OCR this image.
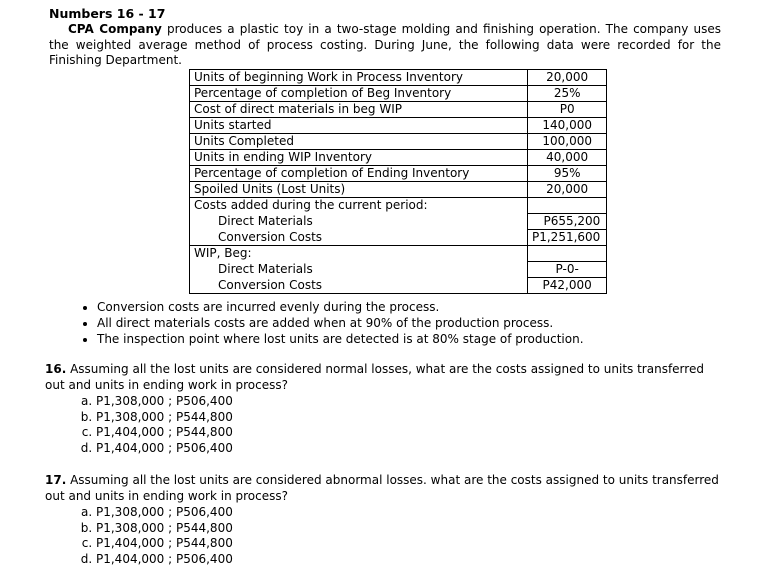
Numbers 16 - 17
CPA Company produces a plastic toy in a two-stage molding and finishing operation. The company uses the weighted average method of process costing. During June, the following data were recorded for the Finishing Department.
Units of beginning Work in Process Inventory	20,000
Percentage of completion of Beg Inventory	25%
Cost of direct materials in beg WIP	P0
Units started	140,000
Units Completed	100,000
Units in ending WIP Inventory	40,000
Percentage of completion of Ending Inventory	95%
Spoiled Units (Lost Units)	20,000
Costs added during the current period:	
Direct Materials	P655,200
Conversion Costs	P1,251,600
WIP, Beg:	
Direct Materials	P-0-
Conversion Costs	P42,000
• Conversion costs are incurred evenly during the process.
• All direct materials costs are added when at 90% of the production process.
• The inspection point where lost units are detected is at 80% stage of production.
16. Assuming all the lost units are considered normal losses, what are the costs assigned to units transferred out and units in ending work in process?
a. P1,308,000 ; P506,400
b. P1,308,000 ; P544,800
c. P1,404,000 ; P544,800
d. P1,404,000 ; P506,400
17. Assuming all the lost units are considered abnormal losses. what are the costs assigned to units transferred out and units in ending work in process?
a. P1,308,000 ; P506,400
b. P1,308,000 ; P544,800
c. P1,404,000 ; P544,800
d. P1,404,000 ; P506,400
